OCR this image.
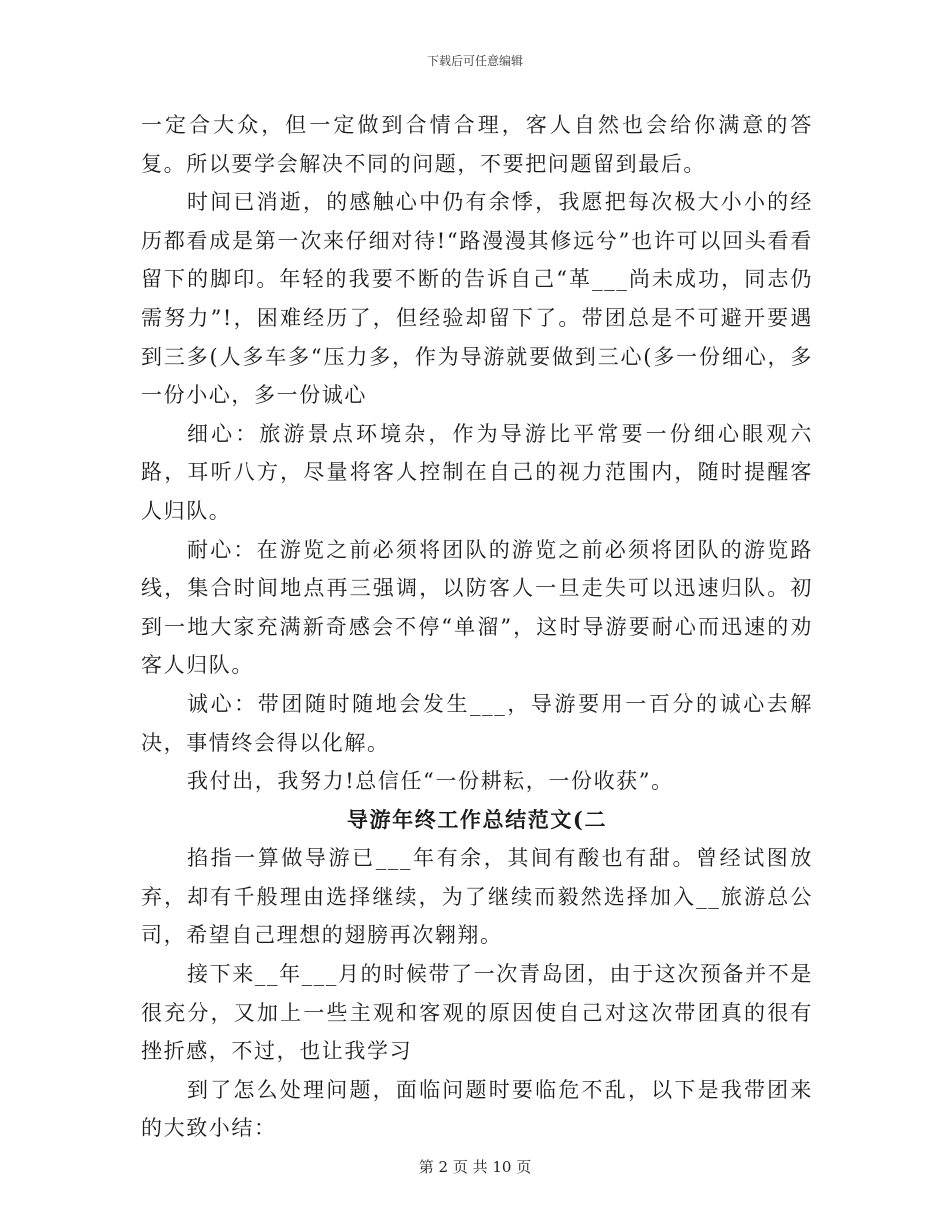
下载后可任意编辑

一定合大众，但一定做到合情合理，客人自然也会给你满意的答复。所以要学会解决不同的问题，不要把问题留到最后。

时间已消逝，的感触心中仍有余悸，我愿把每次极大小小的经历都看成是第一次来仔细对待!“路漫漫其修远兮”也许可以回头看看留下的脚印。年轻的我要不断的告诉自己“革___尚未成功，同志仍需努力”!，困难经历了，但经验却留下了。带团总是不可避开要遇到三多(人多车多“压力多，作为导游就要做到三心(多一份细心，多一份小心，多一份诚心

细心：旅游景点环境杂，作为导游比平常要一份细心眼观六路，耳听八方，尽量将客人控制在自己的视力范围内，随时提醒客人归队。

耐心：在游览之前必须将团队的游览之前必须将团队的游览路线，集合时间地点再三强调，以防客人一旦走失可以迅速归队。初到一地大家充满新奇感会不停“单溜”，这时导游要耐心而迅速的劝客人归队。

诚心：带团随时随地会发生___，导游要用一百分的诚心去解决，事情终会得以化解。

我付出，我努力!总信任“一份耕耘，一份收获”。

导游年终工作总结范文(二

掐指一算做导游已___年有余，其间有酸也有甜。曾经试图放弃，却有千般理由选择继续，为了继续而毅然选择加入__旅游总公司，希望自己理想的翅膀再次翱翔。

接下来__年___月的时候带了一次青岛团，由于这次预备并不是很充分，又加上一些主观和客观的原因使自己对这次带团真的很有挫折感，不过，也让我学习

到了怎么处理问题，面临问题时要临危不乱，以下是我带团来的大致小结：

第 2 页 共 10 页
